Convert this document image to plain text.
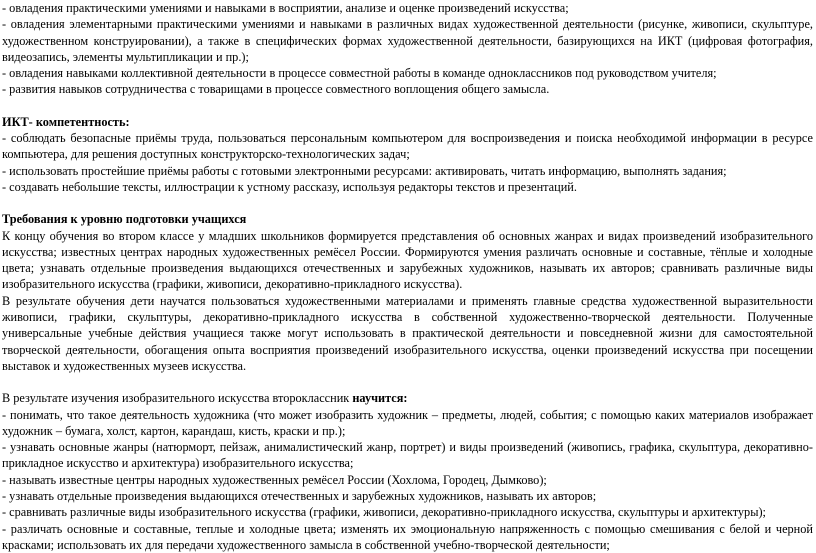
- овладения практическими умениями и навыками в восприятии, анализе и оценке произведений искусства;

- овладения элементарными практическими умениями и навыками в различных видах художественной деятельности (рисунке, живописи, скульптуре, художественном конструировании), а также в специфических формах художественной деятельности, базирующихся на ИКТ (цифровая фотография, видеозапись, элементы мультипликации и пр.);

- овладения навыками коллективной деятельности в процессе совместной работы в команде одноклассников под руководством учителя;

- развития навыков сотрудничества с товарищами в процессе совместного воплощения общего замысла.

ИКТ- компетентность:

- соблюдать безопасные приёмы труда, пользоваться персональным компьютером для воспроизведения и поиска необходимой информации в ресурсе компьютера, для решения доступных конструкторско-технологических задач;

- использовать простейшие приёмы работы с готовыми электронными ресурсами: активировать, читать информацию, выполнять задания;

- создавать небольшие тексты, иллюстрации к устному рассказу, используя редакторы текстов и презентаций.

Требования к уровню подготовки учащихся

К концу обучения во втором классе у младших школьников формируется представления об основных жанрах и видах произведений изобразительного искусства; известных центрах народных художественных ремёсел России. Формируются умения различать основные и составные, тёплые и холодные цвета; узнавать отдельные произведения выдающихся отечественных и зарубежных художников, называть их авторов; сравнивать различные виды изобразительного искусства (графики, живописи, декоративно-прикладного искусства).

В результате обучения дети научатся пользоваться художественными материалами и применять главные средства художественной выразительности живописи, графики, скульптуры, декоративно-прикладного искусства в собственной художественно-творческой деятельности. Полученные универсальные учебные действия учащиеся также могут использовать в практической деятельности и повседневной жизни для самостоятельной творческой деятельности, обогащения опыта восприятия произведений изобразительного искусства, оценки произведений искусства при посещении выставок и художественных музеев искусства.

В результате изучения изобразительного искусства второклассник научится:

- понимать, что такое деятельность художника (что может изобразить художник – предметы, людей, события; с помощью каких материалов изображает художник – бумага, холст, картон, карандаш, кисть, краски и пр.);

- узнавать основные жанры (натюрморт, пейзаж, анималистический жанр, портрет) и виды произведений (живопись, графика, скульптура, декоративно-прикладное искусство и архитектура) изобразительного искусства;

- называть известные центры народных художественных ремёсел России (Хохлома, Городец, Дымково);

- узнавать отдельные произведения выдающихся отечественных и зарубежных художников, называть их авторов;

- сравнивать различные виды изобразительного искусства (графики, живописи, декоративно-прикладного искусства, скульптуры и архитектуры);

- различать основные и составные, теплые и холодные цвета; изменять их эмоциональную напряженность с помощью смешивания с белой и черной красками; использовать их для передачи художественного замысла в собственной учебно-творческой деятельности;
